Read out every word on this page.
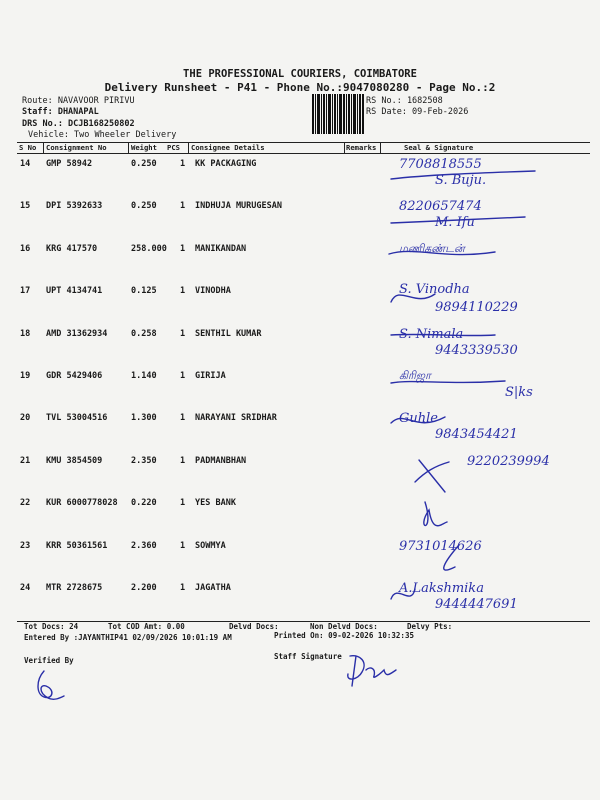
THE PROFESSIONAL COURIERS, COIMBATORE
Delivery Runsheet - P41 - Phone No.:9047080280 - Page No.:2
Route: NAVAVOOR PIRIVU
Staff: DHANAPAL
DRS No.: DCJB168250802
Vehicle: Two Wheeler Delivery
RS No.: 1682508
RS Date: 09-Feb-2026
S No Consignment No	Weight PCS Consignee Details	Remarks	Seal & Signature
14 GMP 58942	0.250	1 KK PACKAGING	7708818555
S. Buju.
15 DPI 5392633	0.250	1 INDHUJA MURUGESAN	8220657474
M. Ifu
16 KRG 417570	258.000 1 MANIKANDAN	மணிகண்டன்
17 UPT 4134741	0.125	1 VINODHA	S. Vinodha
9894110229
18 AMD 31362934	0.258	1 SENTHIL KUMAR	S. Nimala
9443339530
19 GDR 5429406	1.140	1 GIRIJA	கிரிஜா
S|ks
20 TVL 53004516	1.300	1 NARAYANI SRIDHAR	Guhle
9843454421
21 KMU 3854509	2.350	1 PADMANBHAN	9220239994
22 KUR 6000778028 0.220	1 YES BANK
23 KRR 50361561	2.360	1 SOWMYA	9731014626
24 MTR 2728675	2.200	1 JAGATHA	A.Lakshmika
9444447691
Tot Docs: 24	Tot COD Amt: 0.00	Delvd Docs:	Non Delvd Docs:	Delvy Pts:
Entered By :JAYANTHIP41 02/09/2026 10:01:19 AM	Printed On: 09-02-2026 10:32:35
Verified By	Staff Signature
